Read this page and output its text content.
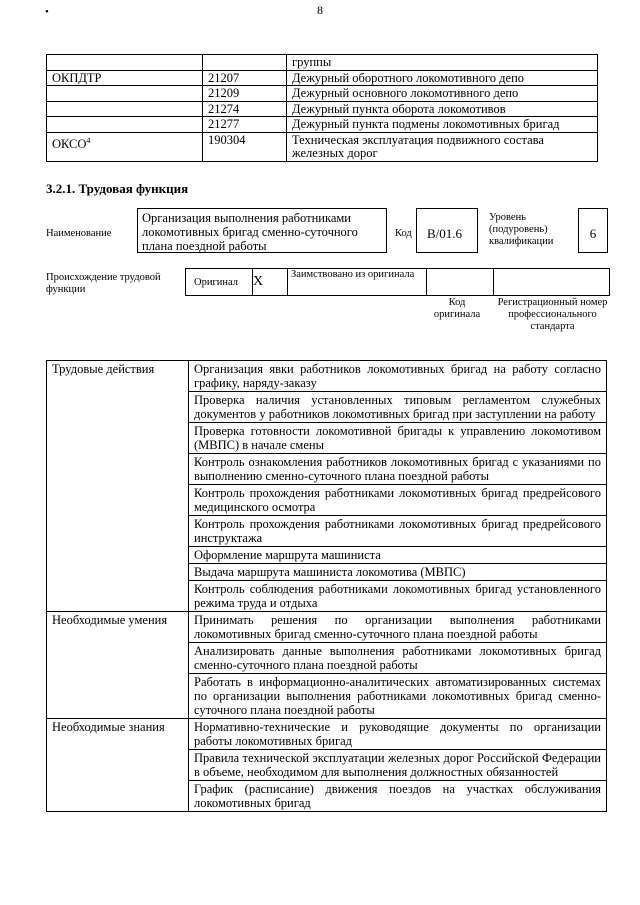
8
•
		группы
ОКПДТР	21207	Дежурный оборотного локомотивного депо
	21209	Дежурный основного локомотивного депо
	21274	Дежурный пункта оборота локомотивов
	21277	Дежурный пункта подмены локомотивных бригад
ОКСО$^4$	190304	Техническая эксплуатация подвижного состава железных дорог
3.2.1. Трудовая функция
Наименование
Организация выполнения работниками локомотивных бригад сменно-суточного плана поездной работы
Код	В/01.6
Уровень (подуровень) квалификации
6
Происхождение трудовой функции
Оригинал	X	Заимствовано из оригинала		
Код оригинала
Регистрационный номер профессионального стандарта
Трудовые действия	Организация явки работников локомотивных бригад на работу согласно графику, наряду-заказу
	Проверка наличия установленных типовым регламентом служебных документов у работников локомотивных бригад при заступлении на работу
	Проверка готовности локомотивной бригады к управлению локомотивом (МВПС) в начале смены
	Контроль ознакомления работников локомотивных бригад с указаниями по выполнению сменно-суточного плана поездной работы
	Контроль прохождения работниками локомотивных бригад предрейсового медицинского осмотра
	Контроль прохождения работниками локомотивных бригад предрейсового инструктажа
	Оформление маршрута машиниста
	Выдача маршрута машиниста локомотива (МВПС)
	Контроль соблюдения работниками локомотивных бригад установленного режима труда и отдыха
Необходимые умения	Принимать решения по организации выполнения работниками локомотивных бригад сменно-суточного плана поездной работы
	Анализировать данные выполнения работниками локомотивных бригад сменно-суточного плана поездной работы
	Работать в информационно-аналитических автоматизированных системах по организации выполнения работниками локомотивных бригад сменно-суточного плана поездной работы
Необходимые знания	Нормативно-технические и руководящие документы по организации работы локомотивных бригад
	Правила технической эксплуатации железных дорог Российской Федерации в объеме, необходимом для выполнения должностных обязанностей
	График (расписание) движения поездов на участках обслуживания локомотивных бригад
